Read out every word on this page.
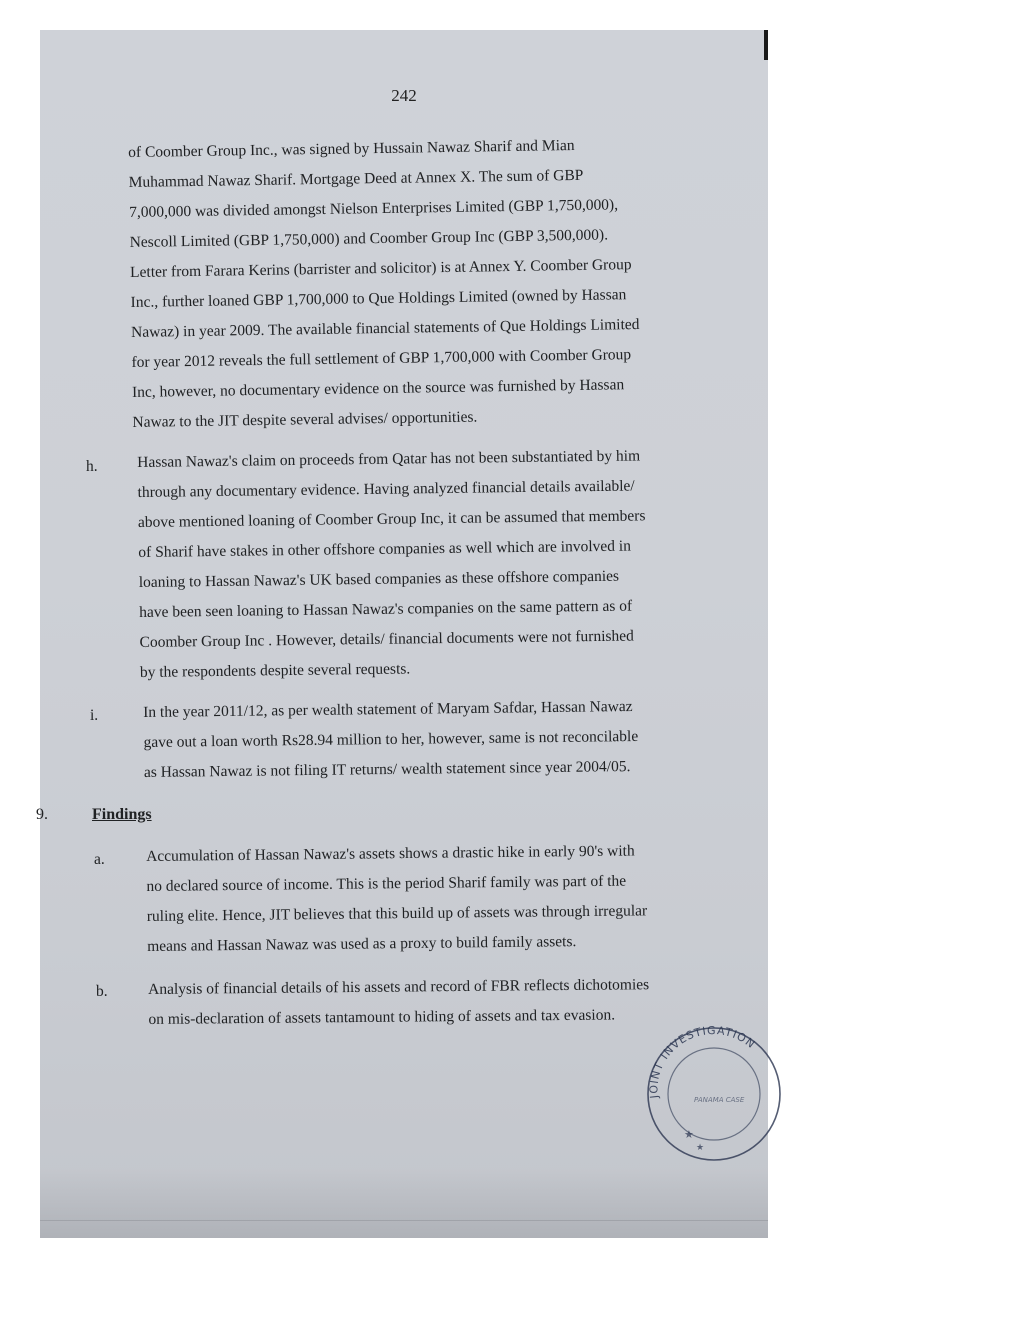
242
of Coomber Group Inc., was signed by Hussain Nawaz Sharif and Mian
Muhammad Nawaz Sharif. Mortgage Deed at Annex X. The sum of GBP
7,000,000 was divided amongst Nielson Enterprises Limited (GBP 1,750,000),
Nescoll Limited (GBP 1,750,000) and Coomber Group Inc (GBP 3,500,000).
Letter from Farara Kerins (barrister and solicitor) is at Annex Y. Coomber Group
Inc., further loaned GBP 1,700,000 to Que Holdings Limited (owned by Hassan
Nawaz) in year 2009. The available financial statements of Que Holdings Limited
for year 2012 reveals the full settlement of GBP 1,700,000 with Coomber Group
Inc, however, no documentary evidence on the source was furnished by Hassan
Nawaz to the JIT despite several advises/ opportunities.
h.	Hassan Nawaz's claim on proceeds from Qatar has not been substantiated by him
through any documentary evidence. Having analyzed financial details available/
above mentioned loaning of Coomber Group Inc, it can be assumed that members
of Sharif have stakes in other offshore companies as well which are involved in
loaning to Hassan Nawaz's UK based companies as these offshore companies
have been seen loaning to Hassan Nawaz's companies on the same pattern as of
Coomber Group Inc . However, details/ financial documents were not furnished
by the respondents despite several requests.
i.	In the year 2011/12, as per wealth statement of Maryam Safdar, Hassan Nawaz
gave out a loan worth Rs28.94 million to her, however, same is not reconcilable
as Hassan Nawaz is not filing IT returns/ wealth statement since year 2004/05.
9.	Findings
a.	Accumulation of Hassan Nawaz's assets shows a drastic hike in early 90's with
no declared source of income. This is the period Sharif family was part of the
ruling elite. Hence, JIT believes that this build up of assets was through irregular
means and Hassan Nawaz was used as a proxy to build family assets.
b.	Analysis of financial details of his assets and record of FBR reflects dichotomies
on mis-declaration of assets tantamount to hiding of assets and tax evasion.
JOINT INVESTIGATION
PANAMA CASE
★
★
